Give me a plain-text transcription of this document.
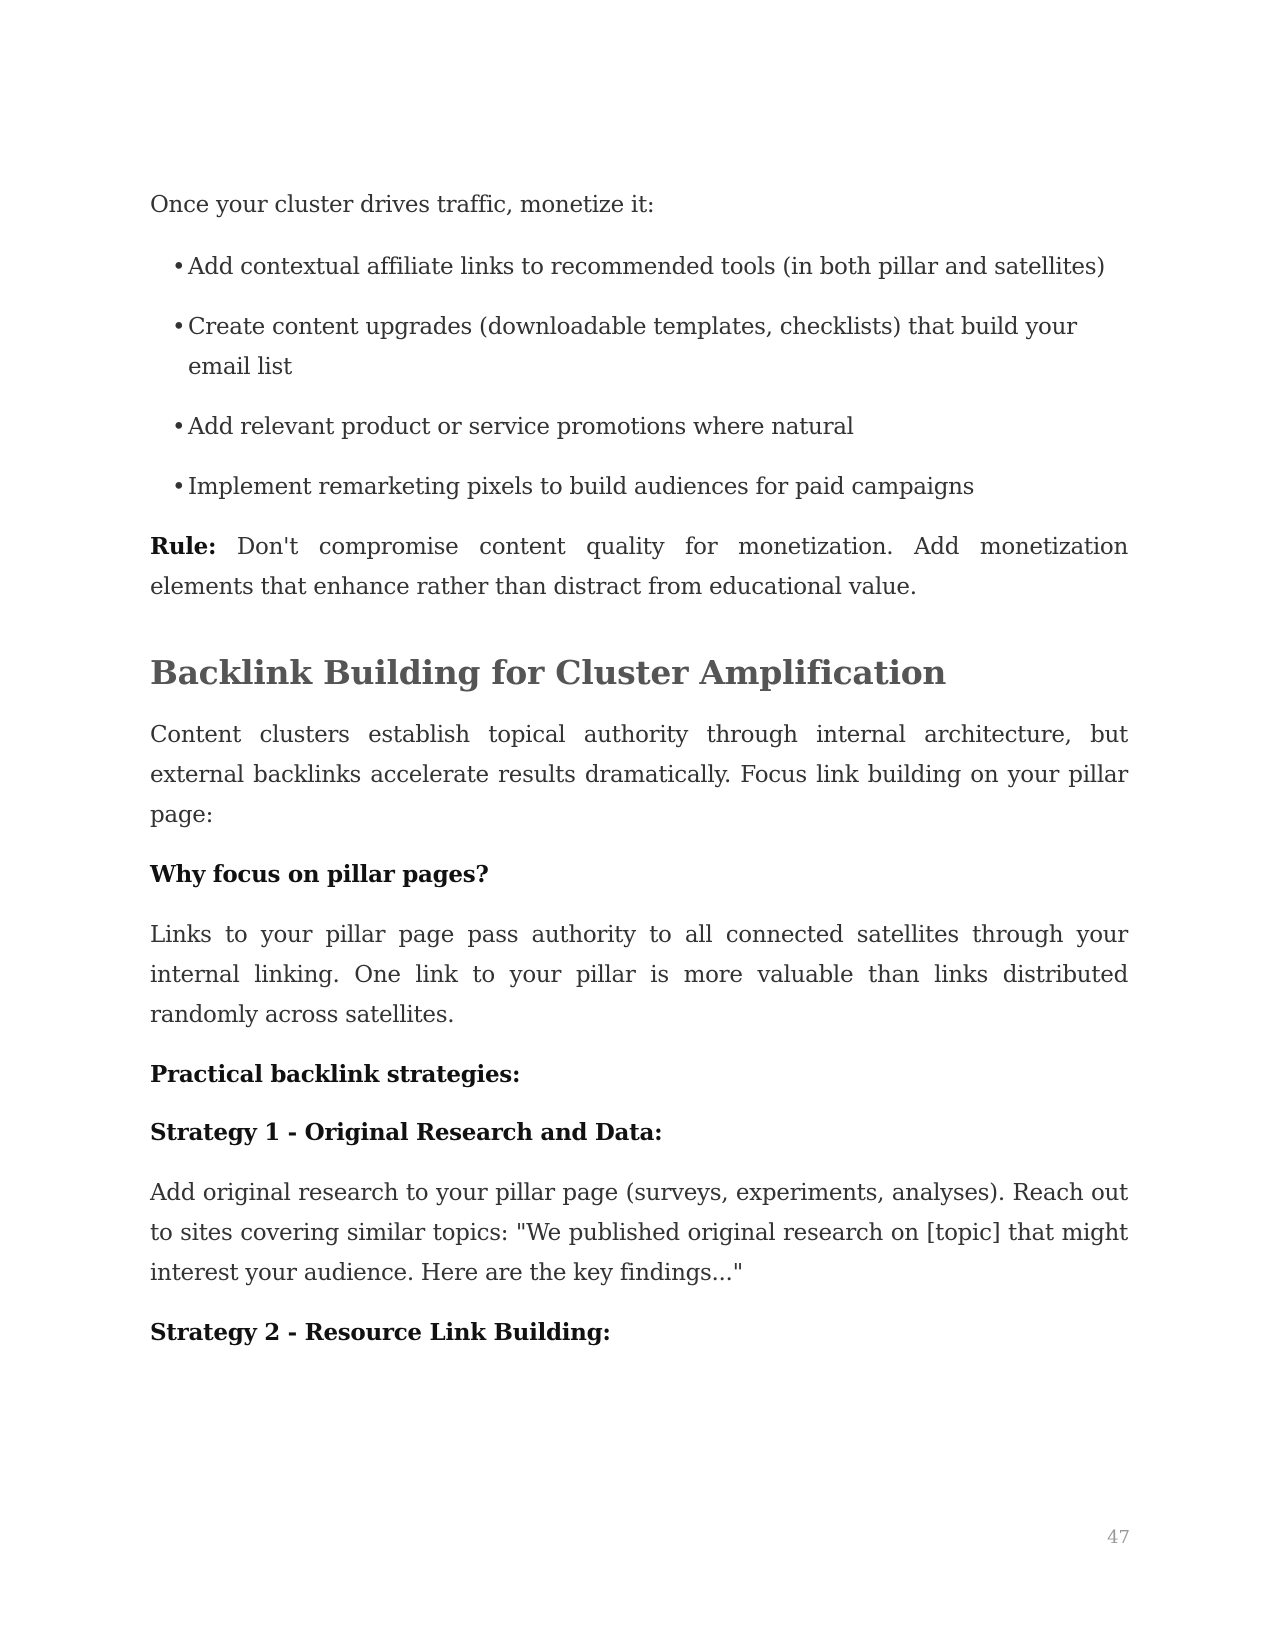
Once your cluster drives traffic, monetize it:

• Add contextual affiliate links to recommended tools (in both pillar and satellites)
• Create content upgrades (downloadable templates, checklists) that build your email list
• Add relevant product or service promotions where natural
• Implement remarketing pixels to build audiences for paid campaigns

Rule: Don't compromise content quality for monetization. Add monetization elements that enhance rather than distract from educational value.

Backlink Building for Cluster Amplification

Content clusters establish topical authority through internal architecture, but external backlinks accelerate results dramatically. Focus link building on your pillar page:

Why focus on pillar pages?

Links to your pillar page pass authority to all connected satellites through your internal linking. One link to your pillar is more valuable than links distributed randomly across satellites.

Practical backlink strategies:
Strategy 1 - Original Research and Data:

Add original research to your pillar page (surveys, experiments, analyses). Reach out to sites covering similar topics: "We published original research on [topic] that might interest your audience. Here are the key findings..."

Strategy 2 - Resource Link Building:
47
